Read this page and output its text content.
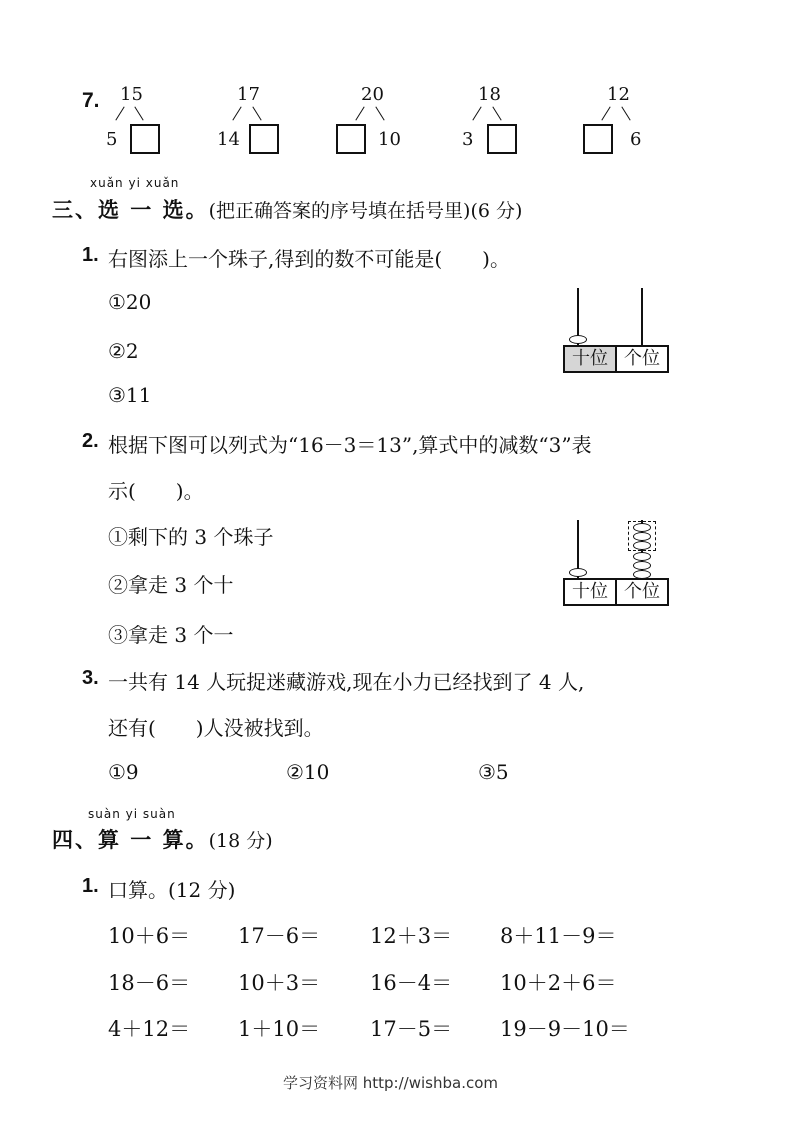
7. 15
5
17
14
20
10
18
3
12
6
xuǎn yi xuǎn
三、选 一 选。(把正确答案的序号填在括号里)(6 分)
1. 右图添上一个珠子,得到的数不可能是(　　)。
①20
②2
③11
十位 个位
2. 根据下图可以列式为“16－3＝13”,算式中的减数“3”表
示(　　)。
①剩下的 3 个珠子
②拿走 3 个十
③拿走 3 个一
十位 个位
3. 一共有 14 人玩捉迷藏游戏,现在小力已经找到了 4 人,
还有(　　)人没被找到。
①9	②10	③5
suàn yi suàn
四、算 一 算。(18 分)
1. 口算。(12 分)
10＋6＝ 17－6＝ 12＋3＝ 8＋11－9＝
18－6＝ 10＋3＝ 16－4＝ 10＋2＋6＝
4＋12＝ 1＋10＝ 17－5＝ 19－9－10＝
学习资料网 http://wishba.com
